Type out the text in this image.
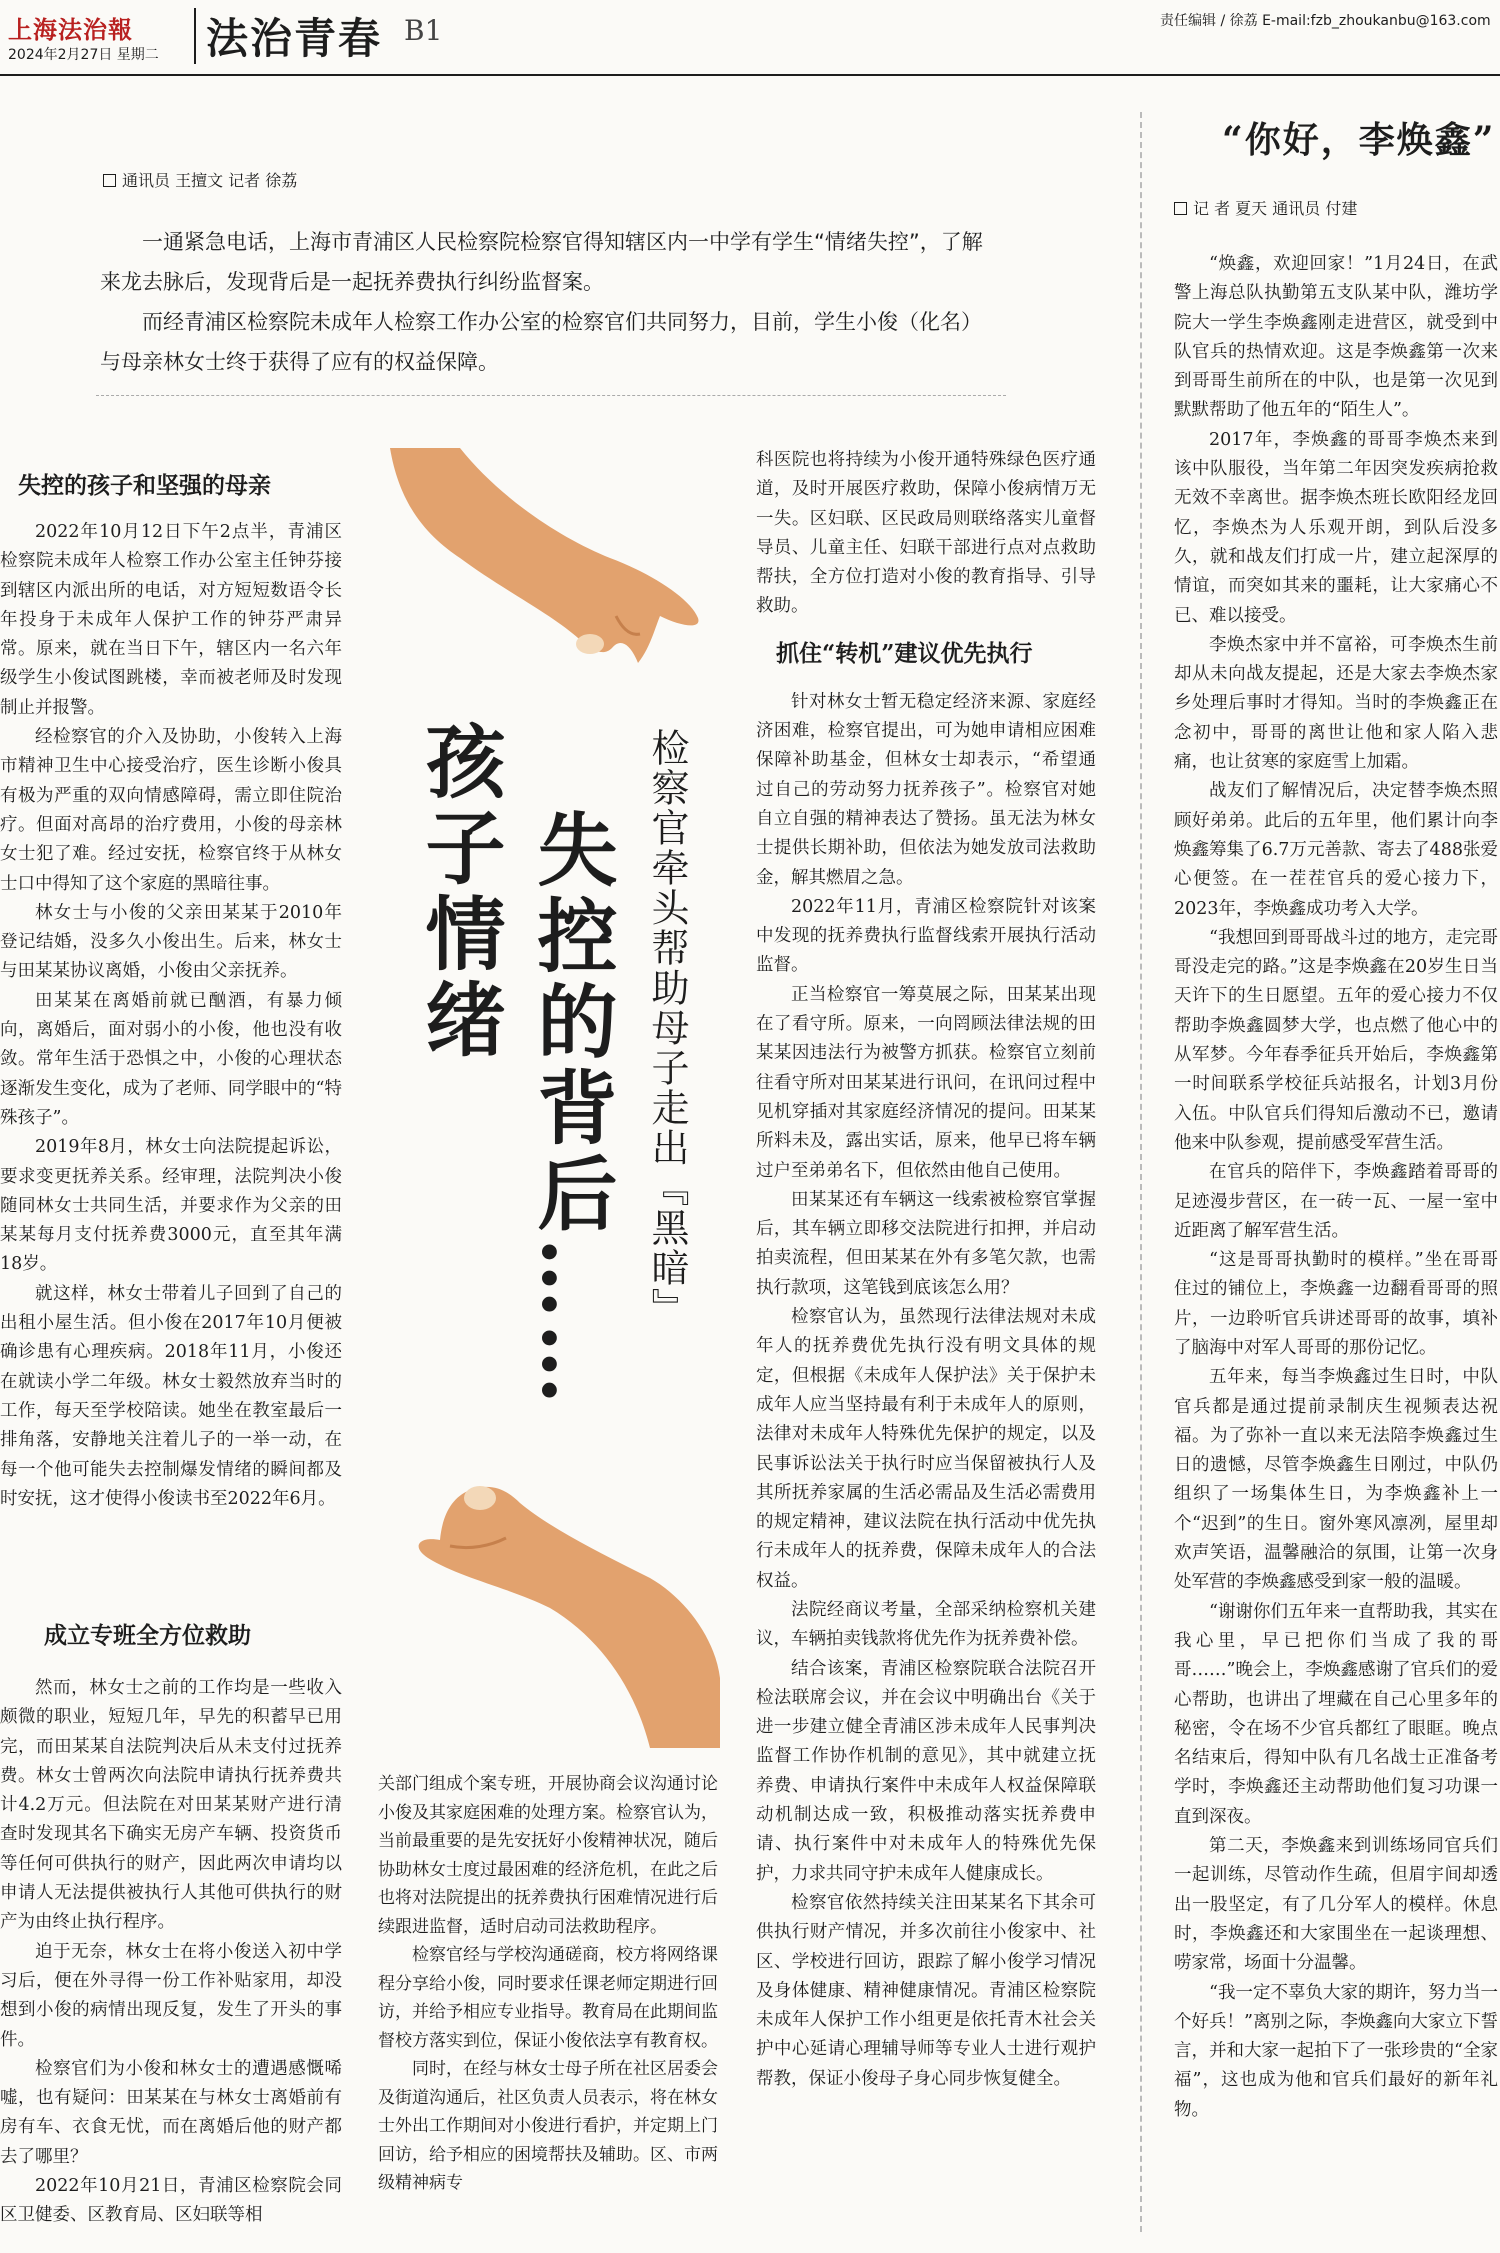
上海法治報
2024年2月27日 星期二 法治青春 B1	责任编辑 / 徐荔 E-mail:fzb_zhoukanbu@163.com
通讯员 王擅文 记者 徐荔

一通紧急电话，上海市青浦区人民检察院检察官得知辖区内一中学有学生“情绪失控”，了解来龙去脉后，发现背后是一起抚养费执行纠纷监督案。

而经青浦区检察院未成年人检察工作办公室的检察官们共同努力，目前，学生小俊（化名）与母亲林女士终于获得了应有的权益保障。

孩子情绪 失控的背后…… 检察官牵头帮助母子走出『黑暗』

失控的孩子和坚强的母亲

2022年10月12日下午2点半，青浦区检察院未成年人检察工作办公室主任钟芬接到辖区内派出所的电话，对方短短数语令长年投身于未成年人保护工作的钟芬严肃异常。原来，就在当日下午，辖区内一名六年级学生小俊试图跳楼，幸而被老师及时发现制止并报警。

经检察官的介入及协助，小俊转入上海市精神卫生中心接受治疗，医生诊断小俊具有极为严重的双向情感障碍，需立即住院治疗。但面对高昂的治疗费用，小俊的母亲林女士犯了难。经过安抚，检察官终于从林女士口中得知了这个家庭的黑暗往事。

林女士与小俊的父亲田某某于2010年登记结婚，没多久小俊出生。后来，林女士与田某某协议离婚，小俊由父亲抚养。

田某某在离婚前就已酗酒，有暴力倾向，离婚后，面对弱小的小俊，他也没有收敛。常年生活于恐惧之中，小俊的心理状态逐渐发生变化，成为了老师、同学眼中的“特殊孩子”。

2019年8月，林女士向法院提起诉讼，要求变更抚养关系。经审理，法院判决小俊随同林女士共同生活，并要求作为父亲的田某某每月支付抚养费3000元，直至其年满18岁。

就这样，林女士带着儿子回到了自己的出租小屋生活。但小俊在2017年10月便被确诊患有心理疾病。2018年11月，小俊还在就读小学二年级。林女士毅然放弃当时的工作，每天至学校陪读。她坐在教室最后一排角落，安静地关注着儿子的一举一动，在每一个他可能失去控制爆发情绪的瞬间都及时安抚，这才使得小俊读书至2022年6月。

成立专班全方位救助

然而，林女士之前的工作均是一些收入颇微的职业，短短几年，早先的积蓄早已用完，而田某某自法院判决后从未支付过抚养费。林女士曾两次向法院申请执行抚养费共计4.2万元。但法院在对田某某财产进行清查时发现其名下确实无房产车辆、投资货币等任何可供执行的财产，因此两次申请均以申请人无法提供被执行人其他可供执行的财产为由终止执行程序。

迫于无奈，林女士在将小俊送入初中学习后，便在外寻得一份工作补贴家用，却没想到小俊的病情出现反复，发生了开头的事件。

检察官们为小俊和林女士的遭遇感慨唏嘘，也有疑问：田某某在与林女士离婚前有房有车、衣食无忧，而在离婚后他的财产都去了哪里？

2022年10月21日，青浦区检察院会同区卫健委、区教育局、区妇联等相

关部门组成个案专班，开展协商会议沟通讨论小俊及其家庭困难的处理方案。检察官认为，当前最重要的是先安抚好小俊精神状况，随后协助林女士度过最困难的经济危机，在此之后也将对法院提出的抚养费执行困难情况进行后续跟进监督，适时启动司法救助程序。

检察官经与学校沟通磋商，校方将网络课程分享给小俊，同时要求任课老师定期进行回访，并给予相应专业指导。教育局在此期间监督校方落实到位，保证小俊依法享有教育权。

同时，在经与林女士母子所在社区居委会及街道沟通后，社区负责人员表示，将在林女士外出工作期间对小俊进行看护，并定期上门回访，给予相应的困境帮扶及辅助。区、市两级精神病专

科医院也将持续为小俊开通特殊绿色医疗通道，及时开展医疗救助，保障小俊病情万无一失。区妇联、区民政局则联络落实儿童督导员、儿童主任、妇联干部进行点对点救助帮扶，全方位打造对小俊的教育指导、引导救助。

抓住“转机”建议优先执行

针对林女士暂无稳定经济来源、家庭经济困难，检察官提出，可为她申请相应困难保障补助基金，但林女士却表示，“希望通过自己的劳动努力抚养孩子”。检察官对她自立自强的精神表达了赞扬。虽无法为林女士提供长期补助，但依法为她发放司法救助金，解其燃眉之急。

2022年11月，青浦区检察院针对该案中发现的抚养费执行监督线索开展执行活动监督。

正当检察官一筹莫展之际，田某某出现在了看守所。原来，一向罔顾法律法规的田某某因违法行为被警方抓获。检察官立刻前往看守所对田某某进行讯问，在讯问过程中见机穿插对其家庭经济情况的提问。田某某所料未及，露出实话，原来，他早已将车辆过户至弟弟名下，但依然由他自己使用。

田某某还有车辆这一线索被检察官掌握后，其车辆立即移交法院进行扣押，并启动拍卖流程，但田某某在外有多笔欠款，也需执行款项，这笔钱到底该怎么用？

检察官认为，虽然现行法律法规对未成年人的抚养费优先执行没有明文具体的规定，但根据《未成年人保护法》关于保护未成年人应当坚持最有利于未成年人的原则，法律对未成年人特殊优先保护的规定，以及民事诉讼法关于执行时应当保留被执行人及其所抚养家属的生活必需品及生活必需费用的规定精神，建议法院在执行活动中优先执行未成年人的抚养费，保障未成年人的合法权益。

法院经商议考量，全部采纳检察机关建议，车辆拍卖钱款将优先作为抚养费补偿。

结合该案，青浦区检察院联合法院召开检法联席会议，并在会议中明确出台《关于进一步建立健全青浦区涉未成年人民事判决监督工作协作机制的意见》，其中就建立抚养费、申请执行案件中未成年人权益保障联动机制达成一致，积极推动落实抚养费申请、执行案件中对未成年人的特殊优先保护，力求共同守护未成年人健康成长。

检察官依然持续关注田某某名下其余可供执行财产情况，并多次前往小俊家中、社区、学校进行回访，跟踪了解小俊学习情况及身体健康、精神健康情况。青浦区检察院未成年人保护工作小组更是依托青木社会关护中心延请心理辅导师等专业人士进行观护帮教，保证小俊母子身心同步恢复健全。

“你好，李焕鑫”
记 者 夏天 通讯员 付建

“焕鑫，欢迎回家！”1月24日，在武警上海总队执勤第五支队某中队，潍坊学院大一学生李焕鑫刚走进营区，就受到中队官兵的热情欢迎。这是李焕鑫第一次来到哥哥生前所在的中队，也是第一次见到默默帮助了他五年的“陌生人”。

2017年，李焕鑫的哥哥李焕杰来到该中队服役，当年第二年因突发疾病抢救无效不幸离世。据李焕杰班长欧阳经龙回忆，李焕杰为人乐观开朗，到队后没多久，就和战友们打成一片，建立起深厚的情谊，而突如其来的噩耗，让大家痛心不已、难以接受。

李焕杰家中并不富裕，可李焕杰生前却从未向战友提起，还是大家去李焕杰家乡处理后事时才得知。当时的李焕鑫正在念初中，哥哥的离世让他和家人陷入悲痛，也让贫寒的家庭雪上加霜。

战友们了解情况后，决定替李焕杰照顾好弟弟。此后的五年里，他们累计向李焕鑫筹集了6.7万元善款、寄去了488张爱心便签。在一茬茬官兵的爱心接力下，2023年，李焕鑫成功考入大学。

“我想回到哥哥战斗过的地方，走完哥哥没走完的路。”这是李焕鑫在20岁生日当天许下的生日愿望。五年的爱心接力不仅帮助李焕鑫圆梦大学，也点燃了他心中的从军梦。今年春季征兵开始后，李焕鑫第一时间联系学校征兵站报名，计划3月份入伍。中队官兵们得知后激动不已，邀请他来中队参观，提前感受军营生活。

在官兵的陪伴下，李焕鑫踏着哥哥的足迹漫步营区，在一砖一瓦、一屋一室中近距离了解军营生活。

“这是哥哥执勤时的模样。”坐在哥哥住过的铺位上，李焕鑫一边翻看哥哥的照片，一边聆听官兵讲述哥哥的故事，填补了脑海中对军人哥哥的那份记忆。

五年来，每当李焕鑫过生日时，中队官兵都是通过提前录制庆生视频表达祝福。为了弥补一直以来无法陪李焕鑫过生日的遗憾，尽管李焕鑫生日刚过，中队仍组织了一场集体生日，为李焕鑫补上一个“迟到”的生日。窗外寒风凛冽，屋里却欢声笑语，温馨融洽的氛围，让第一次身处军营的李焕鑫感受到家一般的温暖。

“谢谢你们五年来一直帮助我，其实在我心里，早已把你们当成了我的哥哥……”晚会上，李焕鑫感谢了官兵们的爱心帮助，也讲出了埋藏在自己心里多年的秘密，令在场不少官兵都红了眼眶。晚点名结束后，得知中队有几名战士正准备考学时，李焕鑫还主动帮助他们复习功课一直到深夜。

第二天，李焕鑫来到训练场同官兵们一起训练，尽管动作生疏，但眉宇间却透出一股坚定，有了几分军人的模样。休息时，李焕鑫还和大家围坐在一起谈理想、唠家常，场面十分温馨。

“我一定不辜负大家的期许，努力当一个好兵！”离别之际，李焕鑫向大家立下誓言，并和大家一起拍下了一张珍贵的“全家福”，这也成为他和官兵们最好的新年礼物。
